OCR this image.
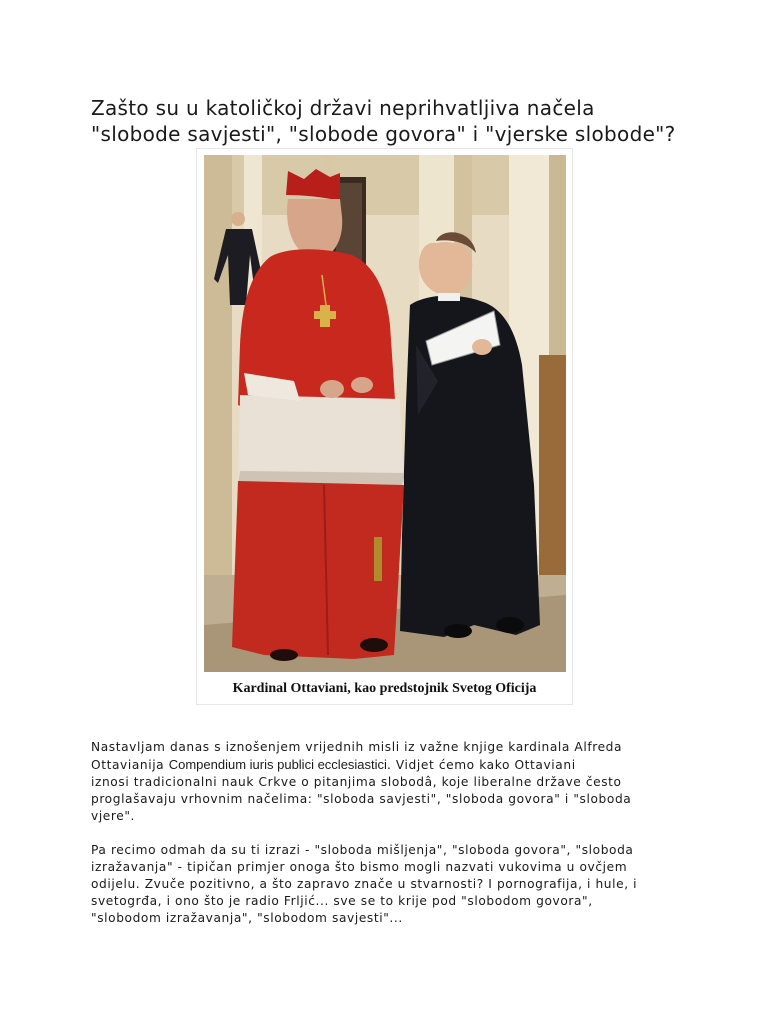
Zašto su u katoličkoj državi neprihvatljiva načela
"slobode savjesti", "slobode govora" i "vjerske slobode"?
Kardinal Ottaviani, kao predstojnik Svetog Oficija

Nastavljam danas s iznošenjem vrijednih misli iz važne knjige kardinala Alfreda
Ottavianija Compendium iuris publici ecclesiastici. Vidjet ćemo kako Ottaviani
iznosi tradicionalni nauk Crkve o pitanjima slobodâ, koje liberalne države često
proglašavaju vrhovnim načelima: "sloboda savjesti", "sloboda govora" i "sloboda
vjere".

Pa recimo odmah da su ti izrazi - "sloboda mišljenja", "sloboda govora", "sloboda
izražavanja" - tipičan primjer onoga što bismo mogli nazvati vukovima u ovčjem
odijelu. Zvuče pozitivno, a što zapravo znače u stvarnosti? I pornografija, i hule, i
svetogrđa, i ono što je radio Frljić... sve se to krije pod "slobodom govora",
"slobodom izražavanja", "slobodom savjesti"...
